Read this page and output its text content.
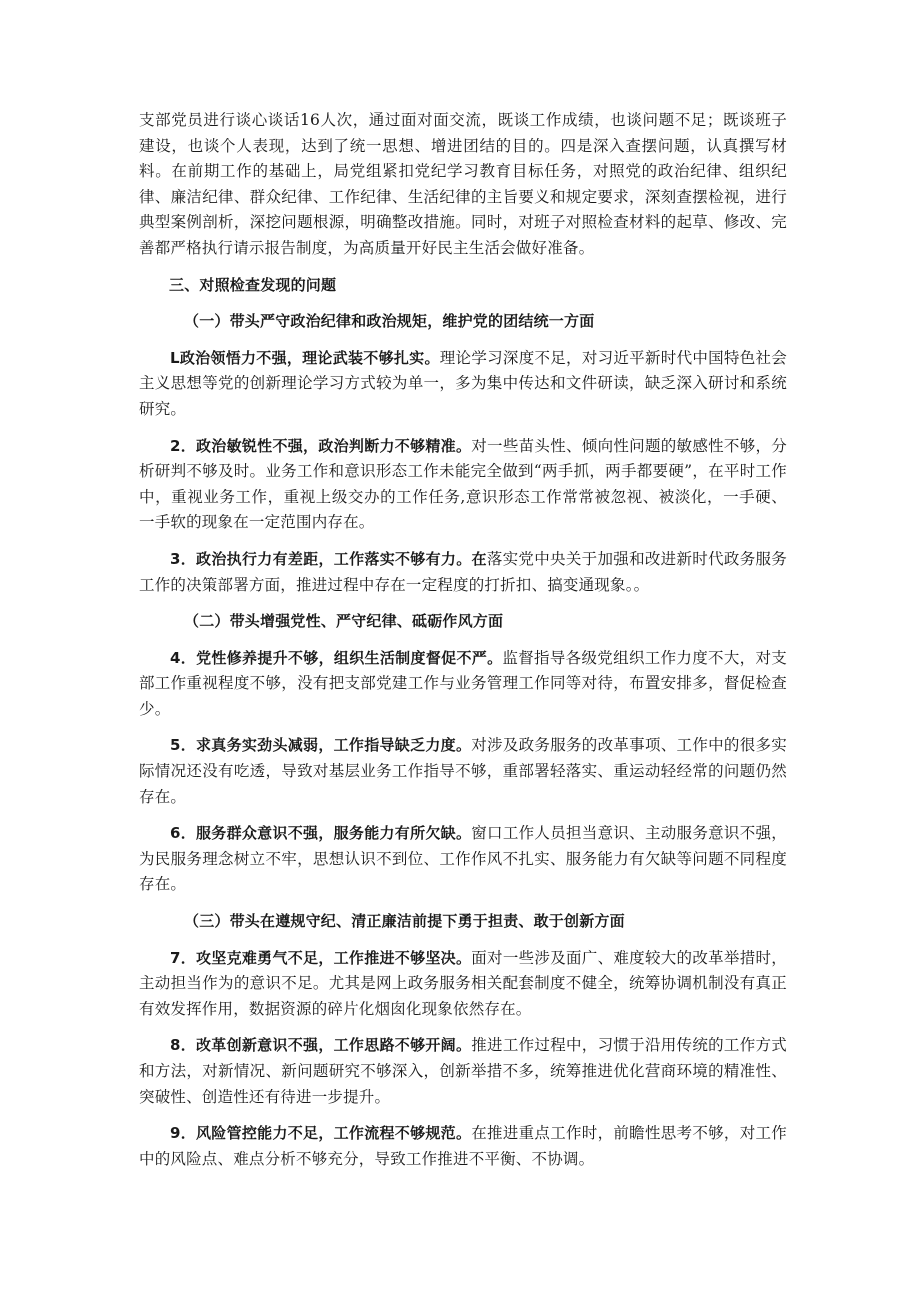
支部党员进行谈心谈话16人次，通过面对面交流，既谈工作成绩，也谈问题不足；既谈班子建设，也谈个人表现，达到了统一思想、增进团结的目的。四是深入查摆问题，认真撰写材料。在前期工作的基础上，局党组紧扣党纪学习教育目标任务，对照党的政治纪律、组织纪律、廉洁纪律、群众纪律、工作纪律、生活纪律的主旨要义和规定要求，深刻查摆检视，进行典型案例剖析，深挖问题根源，明确整改措施。同时，对班子对照检查材料的起草、修改、完善都严格执行请示报告制度，为高质量开好民主生活会做好准备。

三、对照检查发现的问题

（一）带头严守政治纪律和政治规矩，维护党的团结统一方面

L政治领悟力不强，理论武装不够扎实。理论学习深度不足，对习近平新时代中国特色社会主义思想等党的创新理论学习方式较为单一，多为集中传达和文件研读，缺乏深入研讨和系统研究。

2．政治敏锐性不强，政治判断力不够精准。对一些苗头性、倾向性问题的敏感性不够，分析研判不够及时。业务工作和意识形态工作未能完全做到“两手抓，两手都要硬”，在平时工作中，重视业务工作，重视上级交办的工作任务,意识形态工作常常被忽视、被淡化，一手硬、一手软的现象在一定范围内存在。

3．政治执行力有差距，工作落实不够有力。在落实党中央关于加强和改进新时代政务服务工作的决策部署方面，推进过程中存在一定程度的打折扣、搞变通现象。。

（二）带头增强党性、严守纪律、砥砺作风方面

4．党性修养提升不够，组织生活制度督促不严。监督指导各级党组织工作力度不大，对支部工作重视程度不够，没有把支部党建工作与业务管理工作同等对待，布置安排多，督促检查少。

5．求真务实劲头减弱，工作指导缺乏力度。对涉及政务服务的改革事项、工作中的很多实际情况还没有吃透，导致对基层业务工作指导不够，重部署轻落实、重运动轻经常的问题仍然存在。

6．服务群众意识不强，服务能力有所欠缺。窗口工作人员担当意识、主动服务意识不强，为民服务理念树立不牢，思想认识不到位、工作作风不扎实、服务能力有欠缺等问题不同程度存在。

（三）带头在遵规守纪、清正廉洁前提下勇于担责、敢于创新方面

7．攻坚克难勇气不足，工作推进不够坚决。面对一些涉及面广、难度较大的改革举措时，主动担当作为的意识不足。尤其是网上政务服务相关配套制度不健全，统筹协调机制没有真正有效发挥作用，数据资源的碎片化烟囱化现象依然存在。

8．改革创新意识不强，工作思路不够开阔。推进工作过程中，习惯于沿用传统的工作方式和方法，对新情况、新问题研究不够深入，创新举措不多，统筹推进优化营商环境的精准性、突破性、创造性还有待进一步提升。

9．风险管控能力不足，工作流程不够规范。在推进重点工作时，前瞻性思考不够，对工作中的风险点、难点分析不够充分，导致工作推进不平衡、不协调。
